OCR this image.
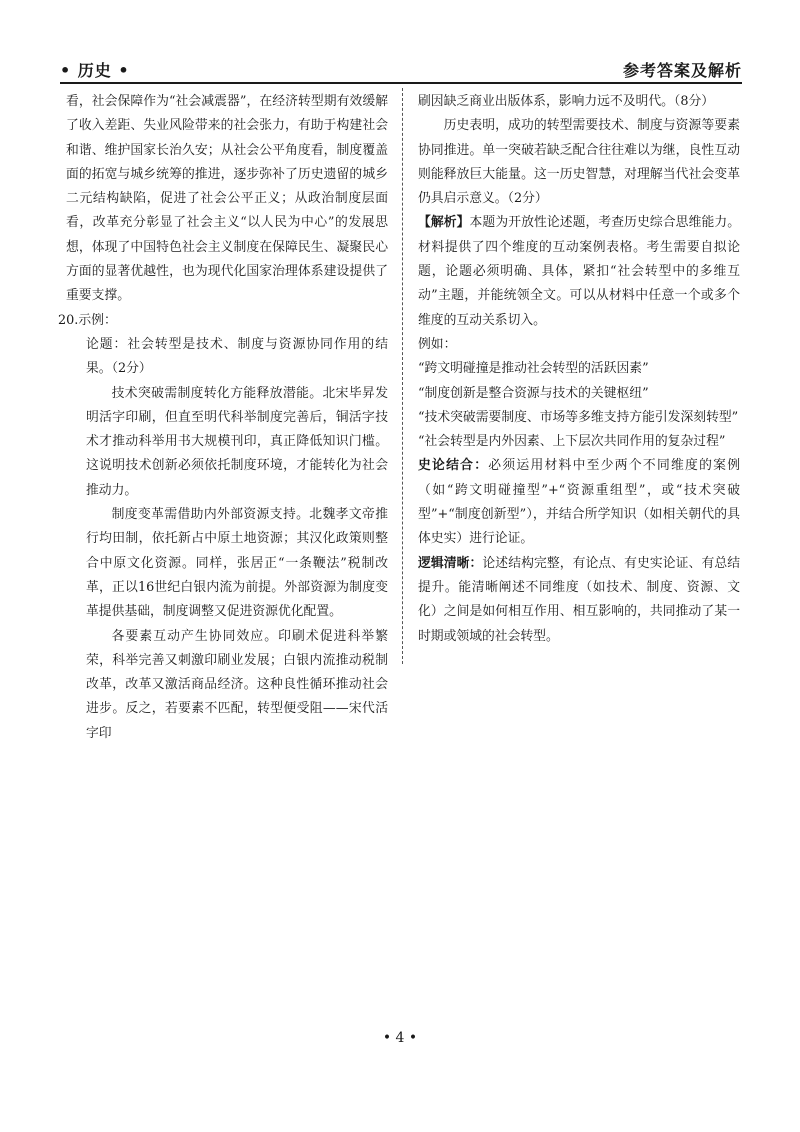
• 历史 •	参考答案及解析

看，社会保障作为“社会减震器”，在经济转型期有效缓解了收入差距、失业风险带来的社会张力，有助于构建社会和谐、维护国家长治久安；从社会公平角度看，制度覆盖面的拓宽与城乡统筹的推进，逐步弥补了历史遗留的城乡二元结构缺陷，促进了社会公平正义；从政治制度层面看，改革充分彰显了社会主义“以人民为中心”的发展思想，体现了中国特色社会主义制度在保障民生、凝聚民心方面的显著优越性，也为现代化国家治理体系建设提供了重要支撑。

20.示例：

论题：社会转型是技术、制度与资源协同作用的结果。（2分）

技术突破需制度转化方能释放潜能。北宋毕昇发明活字印刷，但直至明代科举制度完善后，铜活字技术才推动科举用书大规模刊印，真正降低知识门槛。这说明技术创新必须依托制度环境，才能转化为社会推动力。

制度变革需借助内外部资源支持。北魏孝文帝推行均田制，依托新占中原土地资源；其汉化政策则整合中原文化资源。同样，张居正“一条鞭法”税制改革，正以16世纪白银内流为前提。外部资源为制度变革提供基础，制度调整又促进资源优化配置。

各要素互动产生协同效应。印刷术促进科举繁荣，科举完善又刺激印刷业发展；白银内流推动税制改革，改革又激活商品经济。这种良性循环推动社会进步。反之，若要素不匹配，转型便受阻——宋代活字印

刷因缺乏商业出版体系，影响力远不及明代。（8分）

历史表明，成功的转型需要技术、制度与资源等要素协同推进。单一突破若缺乏配合往往难以为继，良性互动则能释放巨大能量。这一历史智慧，对理解当代社会变革仍具启示意义。（2分）

【解析】本题为开放性论述题，考查历史综合思维能力。材料提供了四个维度的互动案例表格。考生需要自拟论题，论题必须明确、具体，紧扣“社会转型中的多维互动”主题，并能统领全文。可以从材料中任意一个或多个维度的互动关系切入。

例如：

“跨文明碰撞是推动社会转型的活跃因素”

“制度创新是整合资源与技术的关键枢纽”

“技术突破需要制度、市场等多维支持方能引发深刻转型”

“社会转型是内外因素、上下层次共同作用的复杂过程”

史论结合：必须运用材料中至少两个不同维度的案例（如“跨文明碰撞型”+“资源重组型”，或“技术突破型”+“制度创新型”），并结合所学知识（如相关朝代的具体史实）进行论证。

逻辑清晰：论述结构完整，有论点、有史实论证、有总结提升。能清晰阐述不同维度（如技术、制度、资源、文化）之间是如何相互作用、相互影响的，共同推动了某一时期或领域的社会转型。

• 4 •
